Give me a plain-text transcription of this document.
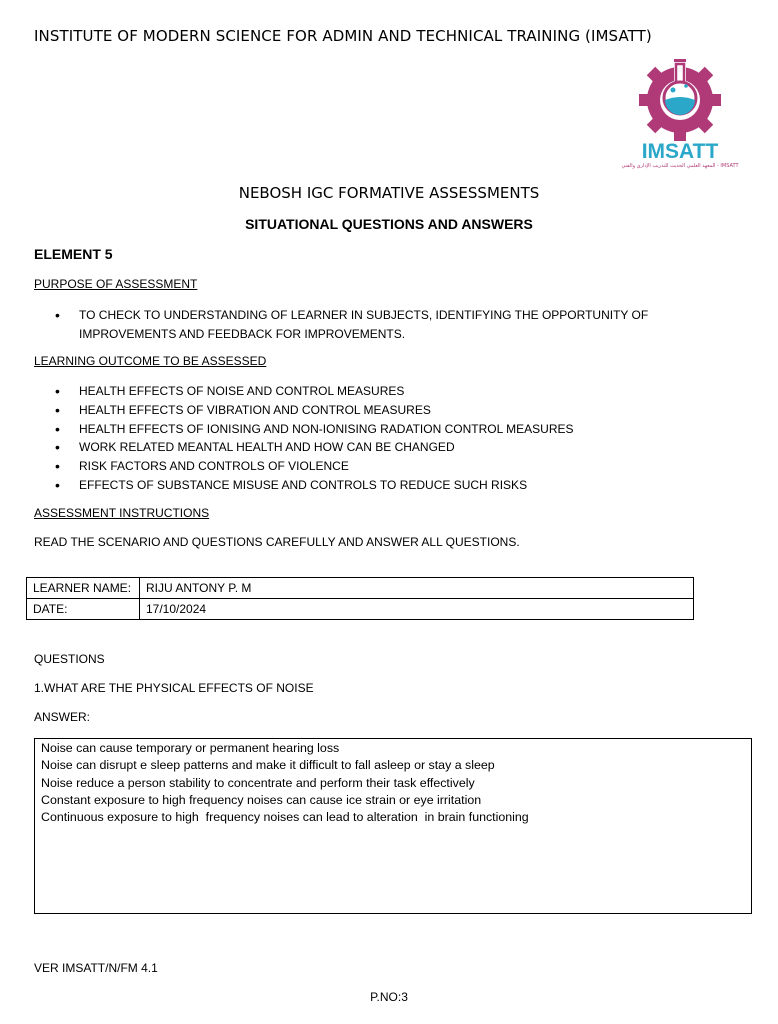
INSTITUTE OF MODERN SCIENCE FOR ADMIN AND TECHNICAL TRAINING (IMSATT)
IMSATT
المعهد العلمي الحديث للتدريب الإداري والفني - IMSATT
NEBOSH IGC FORMATIVE ASSESSMENTS
SITUATIONAL QUESTIONS AND ANSWERS
ELEMENT 5
PURPOSE OF ASSESSMENT
• TO CHECK TO UNDERSTANDING OF LEARNER IN SUBJECTS, IDENTIFYING THE OPPORTUNITY OF IMPROVEMENTS AND FEEDBACK FOR IMPROVEMENTS.
LEARNING OUTCOME TO BE ASSESSED
• HEALTH EFFECTS OF NOISE AND CONTROL MEASURES
• HEALTH EFFECTS OF VIBRATION AND CONTROL MEASURES
• HEALTH EFFECTS OF IONISING AND NON-IONISING RADATION CONTROL MEASURES
• WORK RELATED MEANTAL HEALTH AND HOW CAN BE CHANGED
• RISK FACTORS AND CONTROLS OF VIOLENCE
• EFFECTS OF SUBSTANCE MISUSE AND CONTROLS TO REDUCE SUCH RISKS
ASSESSMENT INSTRUCTIONS
READ THE SCENARIO AND QUESTIONS CAREFULLY AND ANSWER ALL QUESTIONS.
LEARNER NAME:	RIJU ANTONY P. M
DATE:	17/10/2024
QUESTIONS
1.WHAT ARE THE PHYSICAL EFFECTS OF NOISE
ANSWER:
Noise can cause temporary or permanent hearing loss
Noise can disrupt e sleep patterns and make it difficult to fall asleep or stay a sleep
Noise reduce a person stability to concentrate and perform their task effectively
Constant exposure to high frequency noises can cause ice strain or eye irritation
Continuous exposure to high  frequency noises can lead to alteration  in brain functioning
VER IMSATT/N/FM 4.1
P.NO:3
